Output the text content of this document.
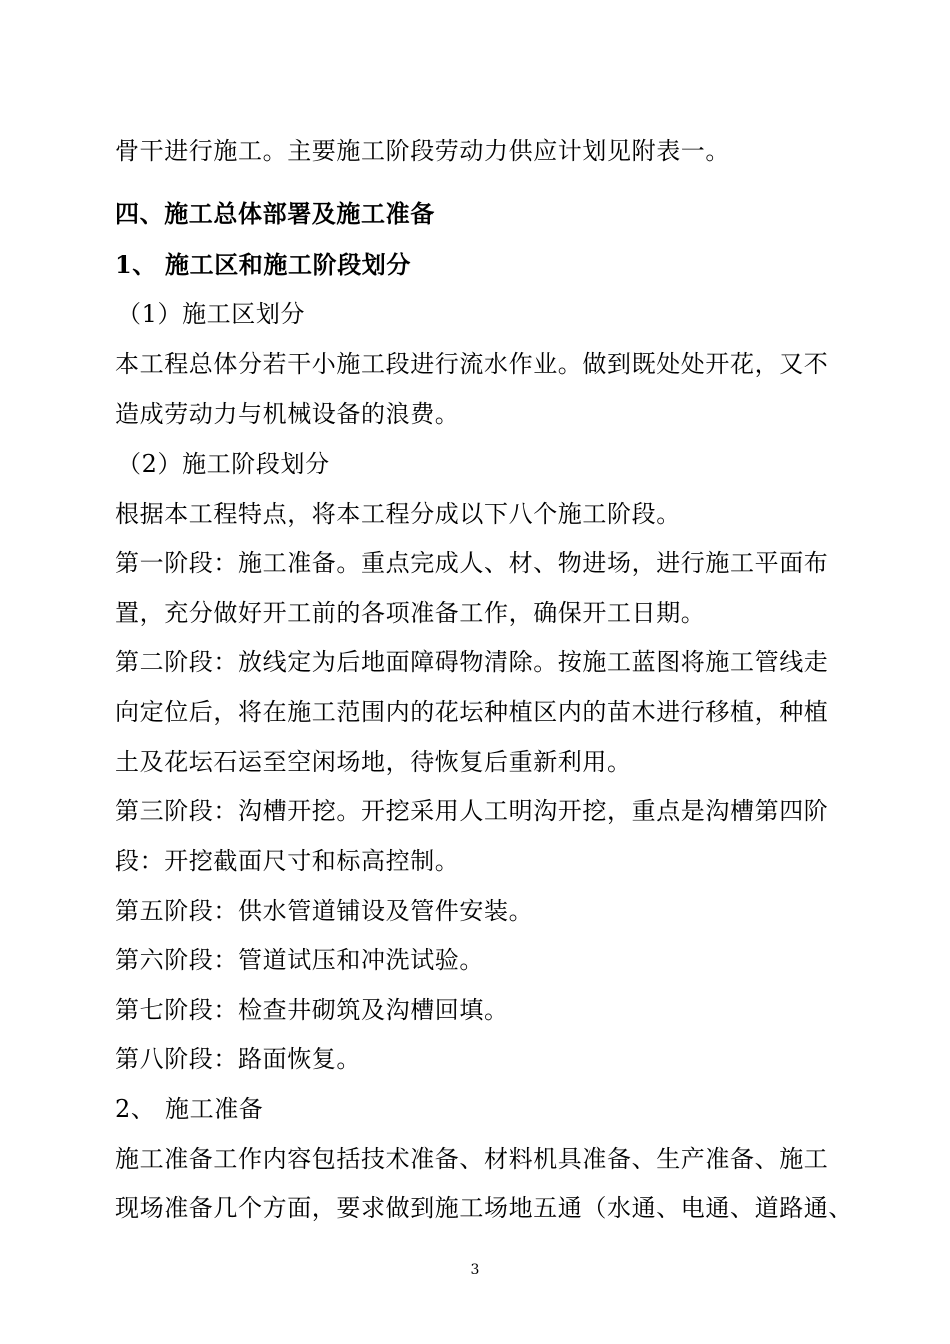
骨干进行施工。主要施工阶段劳动力供应计划见附表一。
四、施工总体部署及施工准备
1、 施工区和施工阶段划分
（1）施工区划分
本工程总体分若干小施工段进行流水作业。做到既处处开花，又不
造成劳动力与机械设备的浪费。
（2）施工阶段划分
根据本工程特点，将本工程分成以下八个施工阶段。
第一阶段：施工准备。重点完成人、材、物进场，进行施工平面布
置，充分做好开工前的各项准备工作，确保开工日期。
第二阶段：放线定为后地面障碍物清除。按施工蓝图将施工管线走
向定位后，将在施工范围内的花坛种植区内的苗木进行移植，种植
土及花坛石运至空闲场地，待恢复后重新利用。
第三阶段：沟槽开挖。开挖采用人工明沟开挖，重点是沟槽第四阶
段：开挖截面尺寸和标高控制。
第五阶段：供水管道铺设及管件安装。
第六阶段：管道试压和冲洗试验。
第七阶段：检查井砌筑及沟槽回填。
第八阶段：路面恢复。
2、 施工准备
施工准备工作内容包括技术准备、材料机具准备、生产准备、施工
现场准备几个方面，要求做到施工场地五通（水通、电通、道路通、
3
